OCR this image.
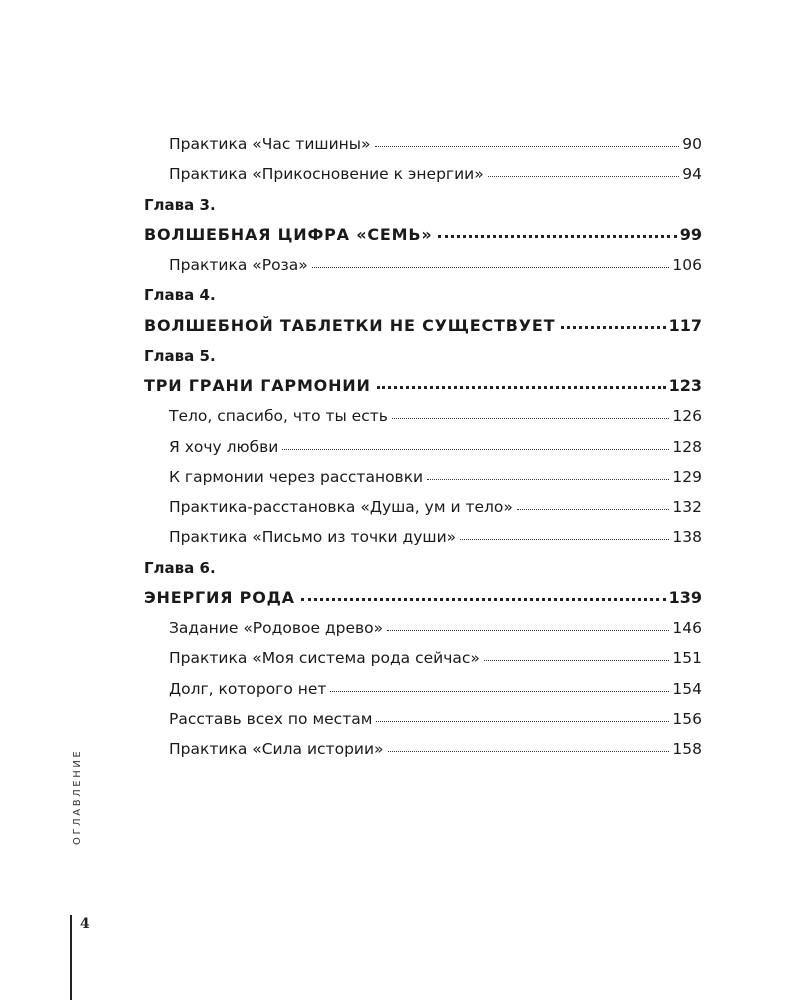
Практика «Час тишины»	90
Практика «Прикосновение к энергии»	94
Глава 3.
ВОЛШЕБНАЯ ЦИФРА «СЕМЬ»	99
Практика «Роза»	106
Глава 4.
ВОЛШЕБНОЙ ТАБЛЕТКИ НЕ СУЩЕСТВУЕТ	117
Глава 5.
ТРИ ГРАНИ ГАРМОНИИ	123
Тело, спасибо, что ты есть	126
Я хочу любви	128
К гармонии через расстановки	129
Практика-расстановка «Душа, ум и тело»	132
Практика «Письмо из точки души»	138
Глава 6.
ЭНЕРГИЯ РОДА	139
Задание «Родовое древо»	146
Практика «Моя система рода сейчас»	151
Долг, которого нет	154
Расставь всех по местам	156
Практика «Сила истории»	158
ОГЛАВЛЕНИЕ
4
